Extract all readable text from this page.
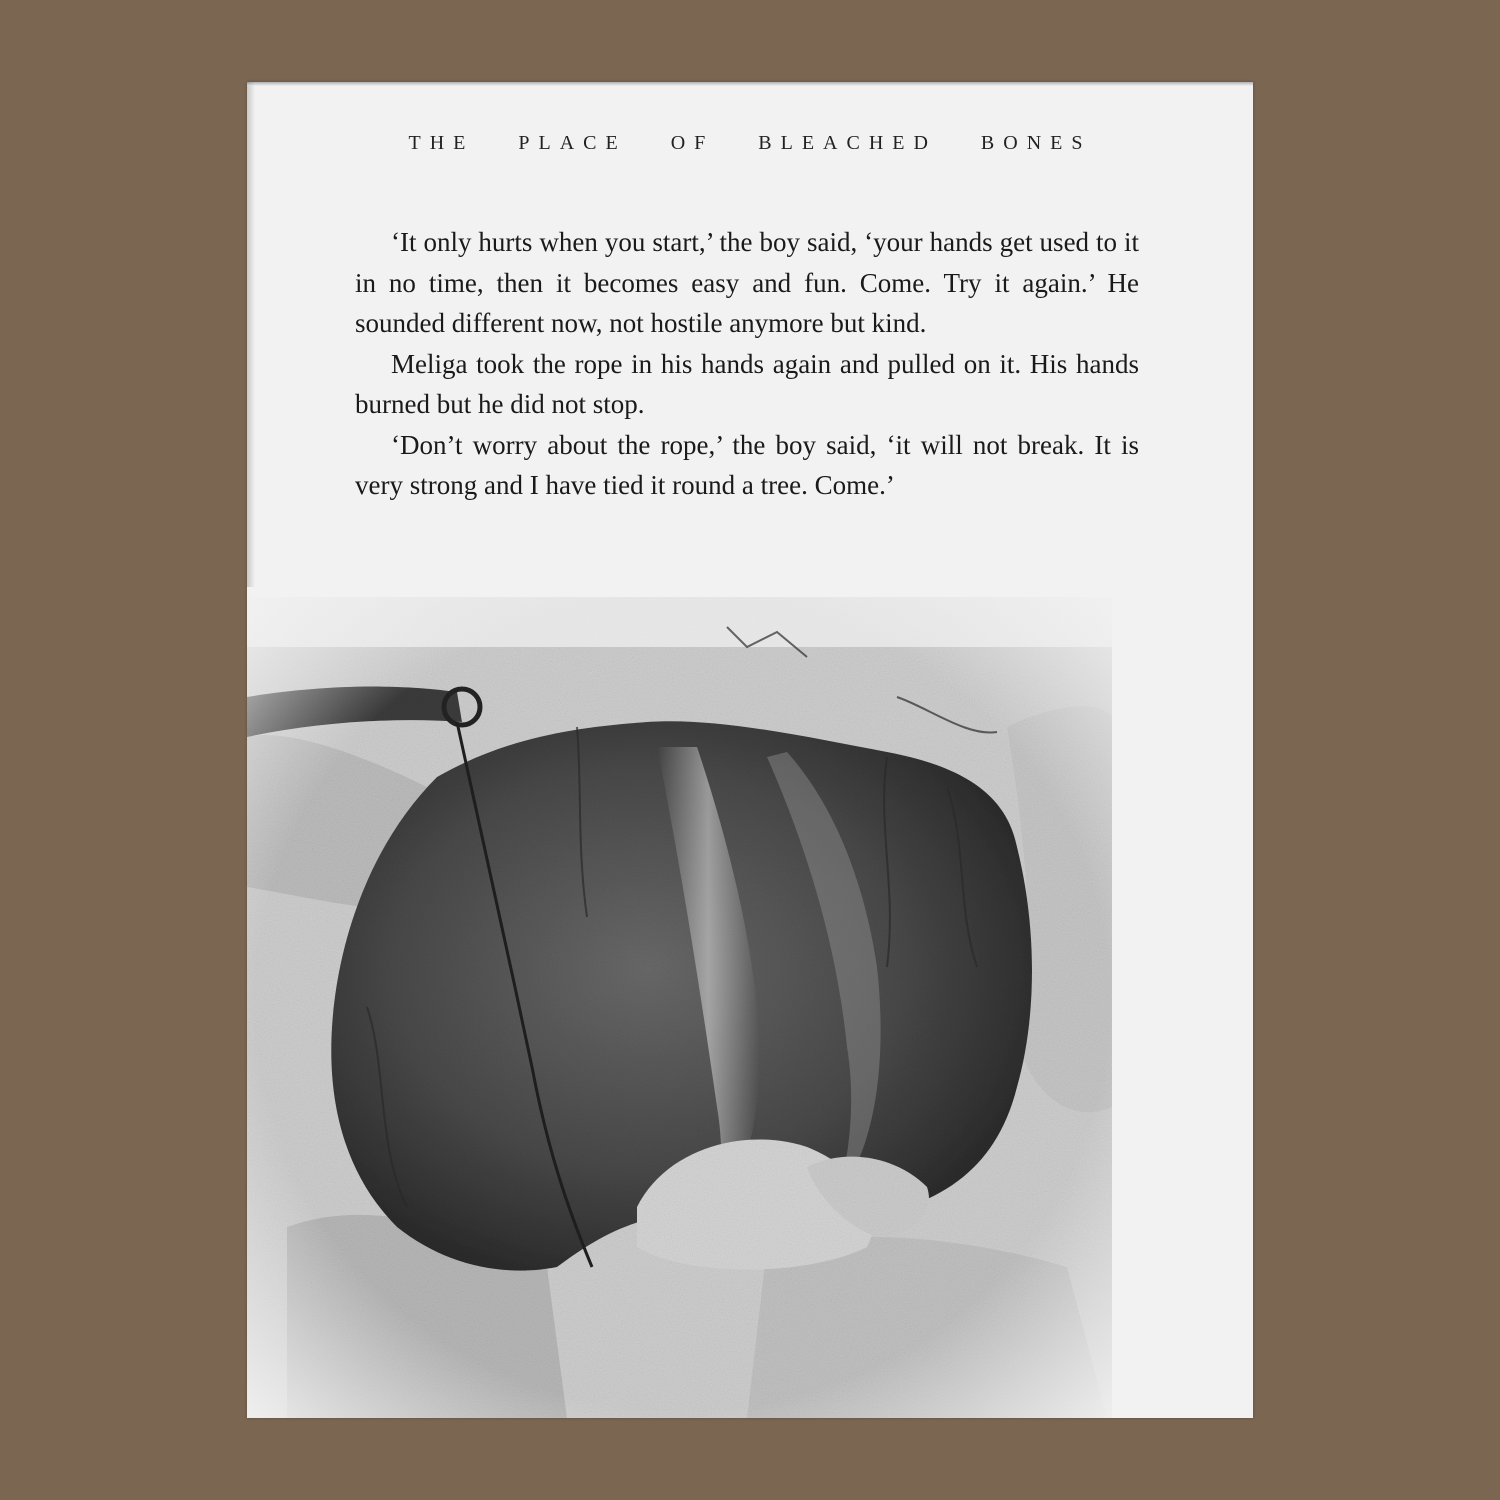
THE PLACE OF BLEACHED BONES

‘It only hurts when you start,’ the boy said, ‘your hands get used to it in no time, then it becomes easy and fun. Come. Try it again.’ He sounded different now, not hostile anymore but kind.

Meliga took the rope in his hands again and pulled on it. His hands burned but he did not stop.

‘Don’t worry about the rope,’ the boy said, ‘it will not break. It is very strong and I have tied it round a tree. Come.’
